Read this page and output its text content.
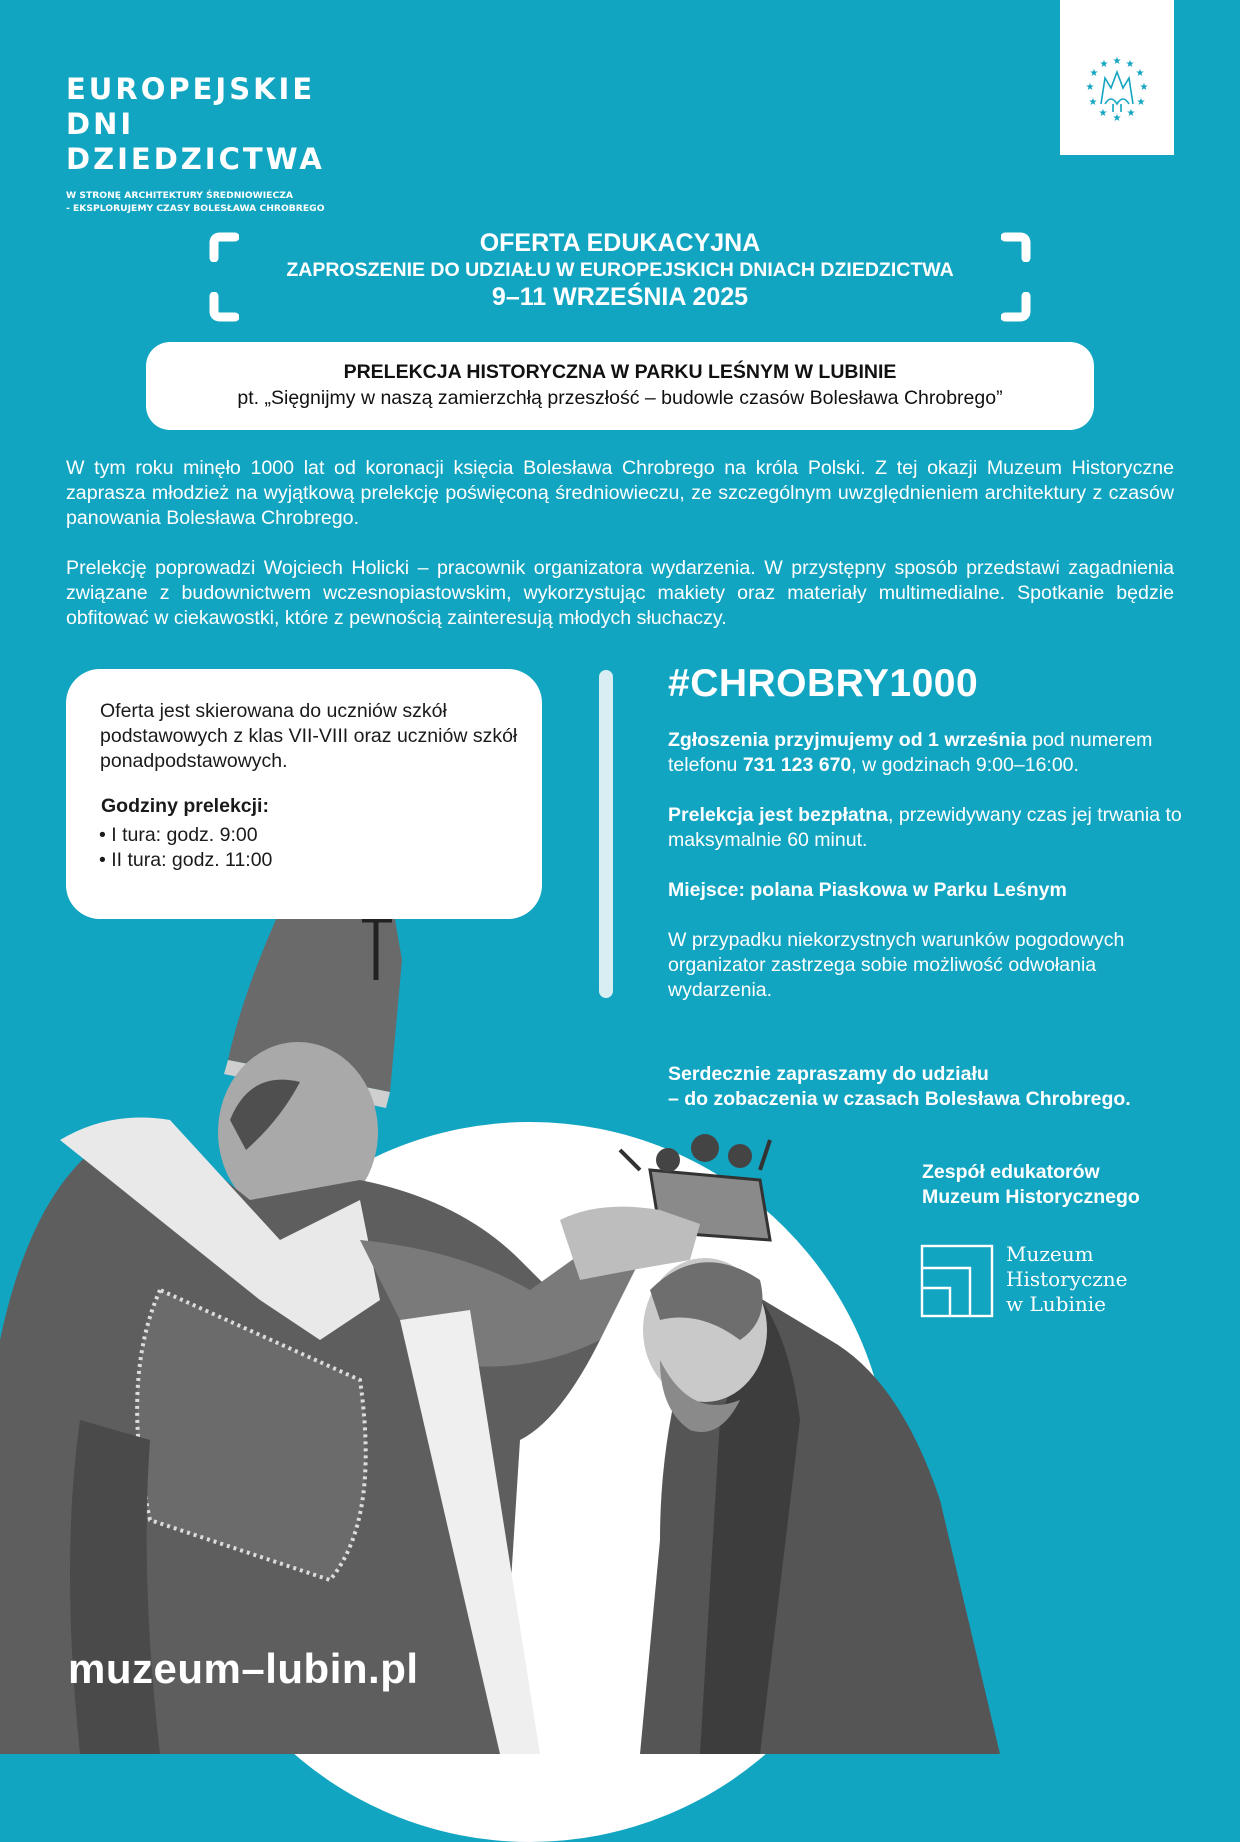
EUROPEJSKIE
DNI
DZIEDZICTWA
W STRONĘ ARCHITEKTURY ŚREDNIOWIECZA
- EKSPLORUJEMY CZASY BOLESŁAWA CHROBREGO
★ ★
★
★
★
★
★
★
★
★
★
★
OFERTA EDUKACYJNA
ZAPROSZENIE DO UDZIAŁU W EUROPEJSKICH DNIACH DZIEDZICTWA
9–11 WRZEŚNIA 2025
PRELEKCJA HISTORYCZNA W PARKU LEŚNYM W LUBINIE
pt. „Sięgnijmy w naszą zamierzchłą przeszłość – budowle czasów Bolesława Chrobrego”

W tym roku minęło 1000 lat od koronacji księcia Bolesława Chrobrego na króla Polski. Z tej okazji Muzeum Historyczne zaprasza młodzież na wyjątkową prelekcję poświęconą średniowieczu, ze szczególnym uwzględnieniem architektury z czasów panowania Bolesława Chrobrego.

Prelekcję poprowadzi Wojciech Holicki – pracownik organizatora wydarzenia. W przystępny sposób przedstawi zagadnienia związane z budownictwem wczesnopiastowskim, wykorzystując makiety oraz materiały multimedialne. Spotkanie będzie obfitować w ciekawostki, które z pewnością zainteresują młodych słuchaczy.

Oferta jest skierowana do uczniów szkół podstawowych z klas VII-VIII oraz uczniów szkół ponadpodstawowych.
Godziny prelekcji:
• I tura: godz. 9:00
• II tura: godz. 11:00
#CHROBRY1000

Zgłoszenia przyjmujemy od 1 września pod numerem telefonu 731 123 670, w godzinach 9:00–16:00.

Prelekcja jest bezpłatna, przewidywany czas jej trwania to maksymalnie 60 minut.

Miejsce: polana Piaskowa w Parku Leśnym

W przypadku niekorzystnych warunków pogodowych organizator zastrzega sobie możliwość odwołania wydarzenia.

Serdecznie zapraszamy do udziału
– do zobaczenia w czasach Bolesława Chrobrego.
Zespół edukatorów
Muzeum Historycznego
Muzeum
Historyczne
w Lubinie
muzeum–lubin.pl
